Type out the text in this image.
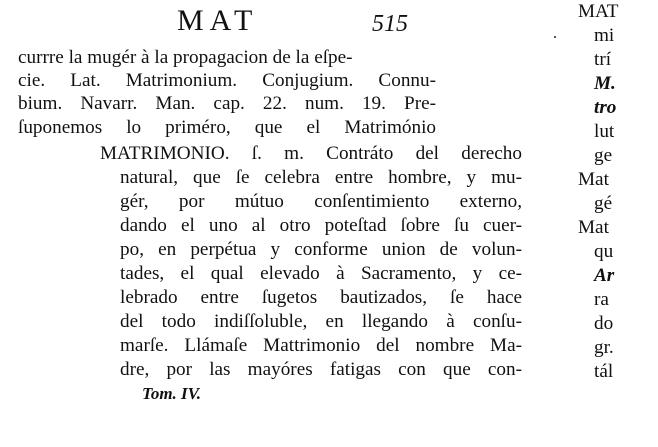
MAT	515
currre la mugér à la propagacion de la eſpe-
cie. Lat. Matrimonium. Conjugium. Connu-
bium. Navarr. Man. cap. 22. num. 19. Pre-
ſuponemos lo priméro, que el Matrimónio
MATRIMONIO. ſ. m. Contráto del derecho
natural, que ſe celebra entre hombre, y mu-
gér, por mútuo conſentimiento externo,
dando el uno al otro poteſtad ſobre ſu cuer-
po, en perpétua y conforme union de volun-
tades, el qual elevado à Sacramento, y ce-
lebrado entre ſugetos bautizados, ſe hace
del todo indiſſoluble, en llegando à conſu-
marſe. Llámaſe Mattrimonio del nombre Ma-
dre, por las mayóres fatigas con que con-
Tom. IV.
MAT
mi
trí
M.
tro
lut
ge
Mat
gé
Mat
qu
Ar
ra
do
gr.
tál
